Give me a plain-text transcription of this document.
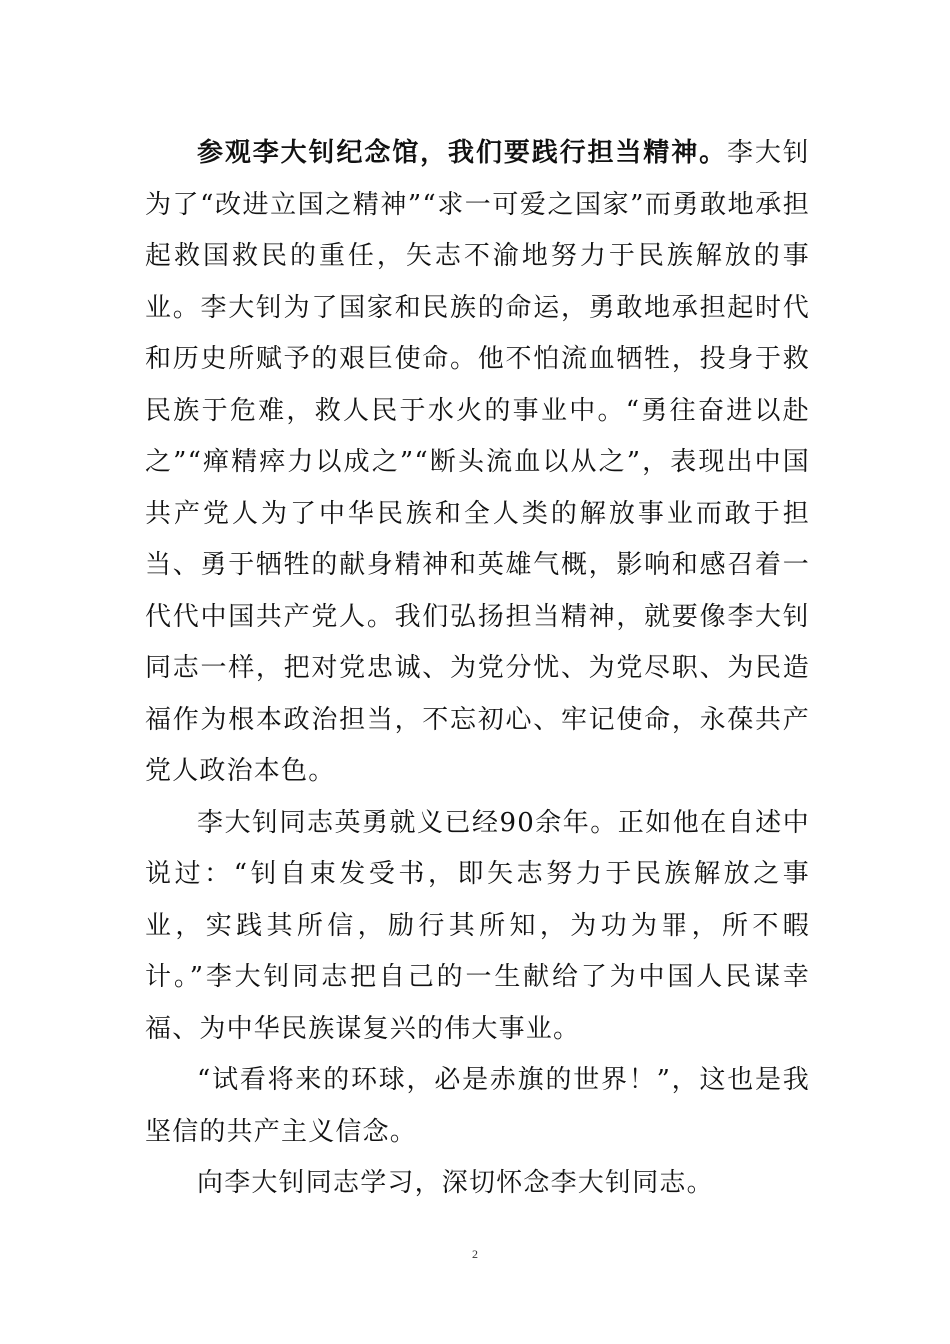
参观李大钊纪念馆，我们要践行担当精神。李大钊为了“改进立国之精神”“求一可爱之国家”而勇敢地承担起救国救民的重任，矢志不渝地努力于民族解放的事业。李大钊为了国家和民族的命运，勇敢地承担起时代和历史所赋予的艰巨使命。他不怕流血牺牲，投身于救民族于危难，救人民于水火的事业中。“勇往奋进以赴之”“瘅精瘁力以成之”“断头流血以从之”，表现出中国共产党人为了中华民族和全人类的解放事业而敢于担当、勇于牺牲的献身精神和英雄气概，影响和感召着一代代中国共产党人。我们弘扬担当精神，就要像李大钊同志一样，把对党忠诚、为党分忧、为党尽职、为民造福作为根本政治担当，不忘初心、牢记使命，永葆共产党人政治本色。

李大钊同志英勇就义已经90余年。正如他在自述中说过：“钊自束发受书，即矢志努力于民族解放之事业，实践其所信，励行其所知，为功为罪，所不暇计。”李大钊同志把自己的一生献给了为中国人民谋幸福、为中华民族谋复兴的伟大事业。

“试看将来的环球，必是赤旗的世界！”，这也是我坚信的共产主义信念。

向李大钊同志学习，深切怀念李大钊同志。

2
